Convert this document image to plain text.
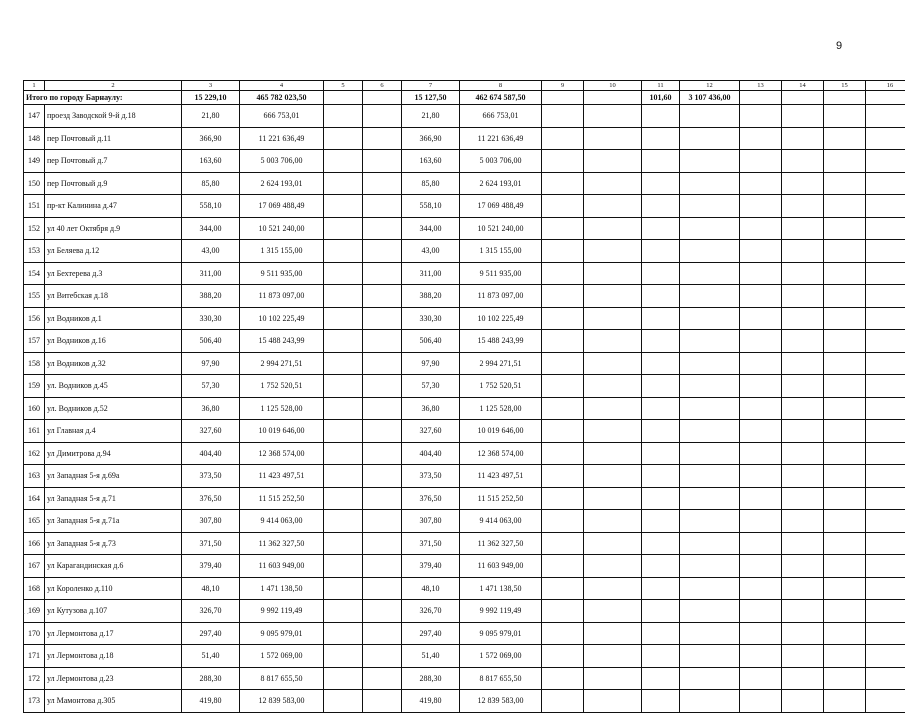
9
1	2	3	4	5	6	7	8	9	10	11	12	13	14	15	16
Итого по городу Барнаулу:		15 229,10	465 782 023,50			15 127,50	462 674 587,50			101,60	3 107 436,00				
147	проезд Заводской 9-й д.18	21,80	666 753,01			21,80	666 753,01								
148	пер Почтовый д.11	366,90	11 221 636,49			366,90	11 221 636,49								
149	пер Почтовый д.7	163,60	5 003 706,00			163,60	5 003 706,00								
150	пер Почтовый д.9	85,80	2 624 193,01			85,80	2 624 193,01								
151	пр-кт Калинина д.47	558,10	17 069 488,49			558,10	17 069 488,49								
152	ул 40 лет Октября д.9	344,00	10 521 240,00			344,00	10 521 240,00								
153	ул Беляева д.12	43,00	1 315 155,00			43,00	1 315 155,00								
154	ул Бехтерева д.3	311,00	9 511 935,00			311,00	9 511 935,00								
155	ул Витебская д.18	388,20	11 873 097,00			388,20	11 873 097,00								
156	ул Водников д.1	330,30	10 102 225,49			330,30	10 102 225,49								
157	ул Водников д.16	506,40	15 488 243,99			506,40	15 488 243,99								
158	ул Водников д.32	97,90	2 994 271,51			97,90	2 994 271,51								
159	ул. Водников д.45	57,30	1 752 520,51			57,30	1 752 520,51								
160	ул. Водников д.52	36,80	1 125 528,00			36,80	1 125 528,00								
161	ул Главная д.4	327,60	10 019 646,00			327,60	10 019 646,00								
162	ул Димитрова д.94	404,40	12 368 574,00			404,40	12 368 574,00								
163	ул Западная 5-я д.69а	373,50	11 423 497,51			373,50	11 423 497,51								
164	ул Западная 5-я д.71	376,50	11 515 252,50			376,50	11 515 252,50								
165	ул Западная 5-я д.71а	307,80	9 414 063,00			307,80	9 414 063,00								
166	ул Западная 5-я д.73	371,50	11 362 327,50			371,50	11 362 327,50								
167	ул Карагандинская д.6	379,40	11 603 949,00			379,40	11 603 949,00								
168	ул Короленко д.110	48,10	1 471 138,50			48,10	1 471 138,50								
169	ул Кутузова д.107	326,70	9 992 119,49			326,70	9 992 119,49								
170	ул Лермонтова д.17	297,40	9 095 979,01			297,40	9 095 979,01								
171	ул Лермонтова д.18	51,40	1 572 069,00			51,40	1 572 069,00								
172	ул Лермонтова д.23	288,30	8 817 655,50			288,30	8 817 655,50								
173	ул Мамонтова д.305	419,80	12 839 583,00			419,80	12 839 583,00								
. .
